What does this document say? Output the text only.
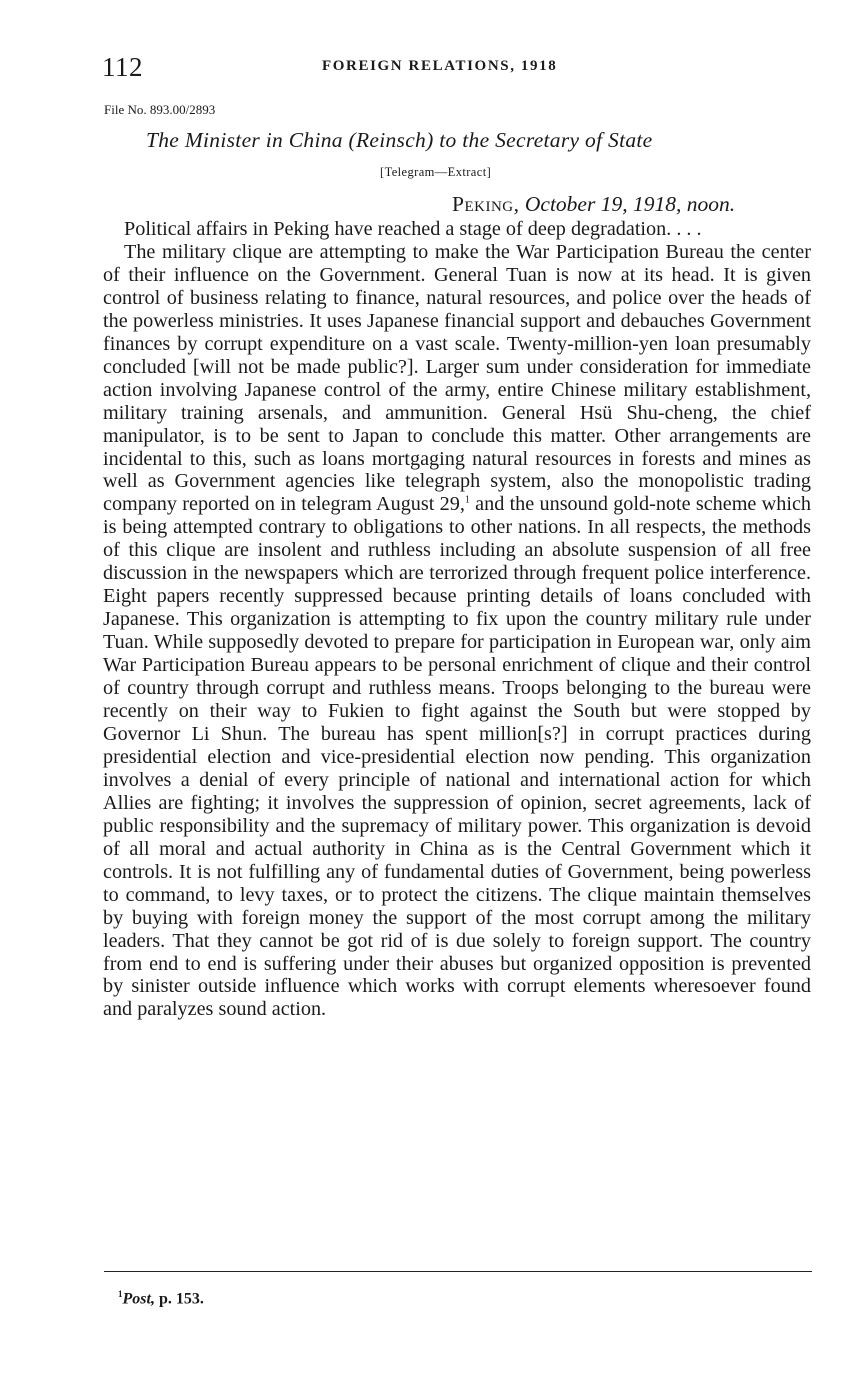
112	FOREIGN RELATIONS, 1918
File No. 893.00/2893
The Minister in China (Reinsch) to the Secretary of State
[Telegram—Extract]
Peking, October 19, 1918, noon.

Political affairs in Peking have reached a stage of deep degradation. . . .

The military clique are attempting to make the War Participation Bureau the center of their influence on the Government. General Tuan is now at its head. It is given control of business relating to finance, natural resources, and police over the heads of the powerless ministries. It uses Japanese financial support and debauches Government finances by corrupt expenditure on a vast scale. Twenty-million-yen loan presumably concluded [will not be made public?]. Larger sum under consideration for immediate action involving Japanese control of the army, entire Chinese military establishment, military training arsenals, and ammunition. General Hsü Shu-cheng, the chief manipulator, is to be sent to Japan to conclude this matter. Other arrangements are incidental to this, such as loans mortgaging natural resources in forests and mines as well as Government agencies like telegraph system, also the monopolistic trading company reported on in telegram August 29,$^1$ and the unsound gold-note scheme which is being attempted contrary to obligations to other nations. In all respects, the methods of this clique are insolent and ruthless including an absolute suspension of all free discussion in the newspapers which are terrorized through frequent police interference. Eight papers recently suppressed because printing details of loans concluded with Japanese. This organization is attempting to fix upon the country military rule under Tuan. While supposedly devoted to prepare for participation in European war, only aim War Participation Bureau appears to be personal enrichment of clique and their control of country through corrupt and ruthless means. Troops belonging to the bureau were recently on their way to Fukien to fight against the South but were stopped by Governor Li Shun. The bureau has spent million[s?] in corrupt practices during presidential election and vice-presidential election now pending. This organization involves a denial of every principle of national and international action for which Allies are fighting; it involves the suppression of opinion, secret agreements, lack of public responsibility and the supremacy of military power. This organization is devoid of all moral and actual authority in China as is the Central Government which it controls. It is not fulfilling any of fundamental duties of Government, being powerless to command, to levy taxes, or to protect the citizens. The clique maintain themselves by buying with foreign money the support of the most corrupt among the military leaders. That they cannot be got rid of is due solely to foreign support. The country from end to end is suffering under their abuses but organized opposition is prevented by sinister outside influence which works with corrupt elements wheresoever found and paralyzes sound action.

$^1$Post, p. 153.
